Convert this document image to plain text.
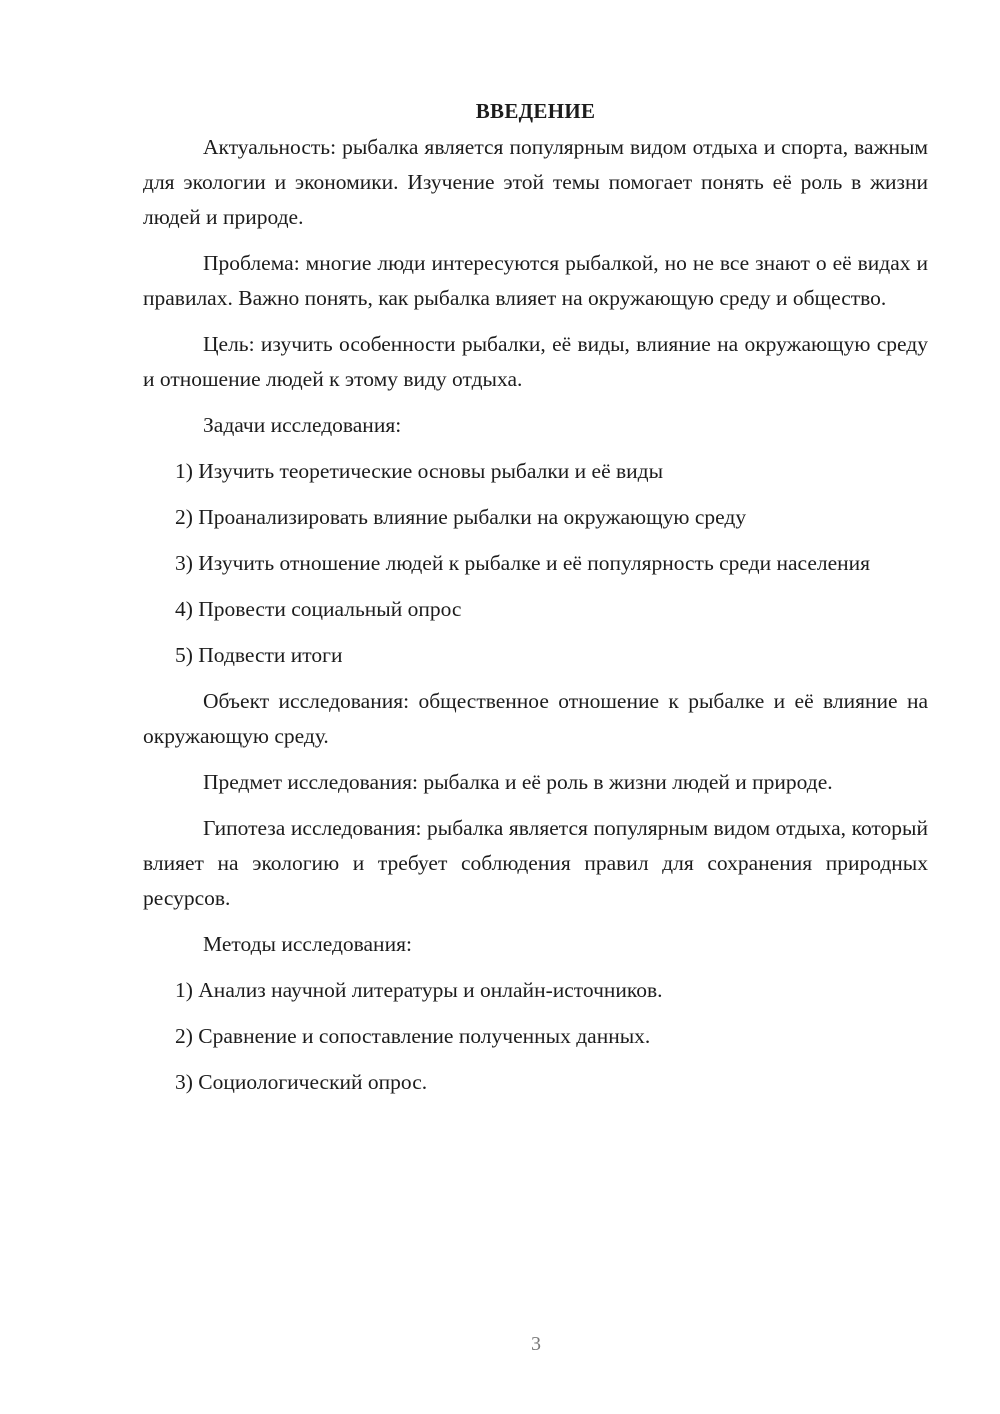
ВВЕДЕНИЕ

Актуальность: рыбалка является популярным видом отдыха и спорта, важным для экологии и экономики. Изучение этой темы помогает понять её роль в жизни людей и природе.

Проблема: многие люди интересуются рыбалкой, но не все знают о её видах и правилах. Важно понять, как рыбалка влияет на окружающую среду и общество.

Цель: изучить особенности рыбалки, её виды, влияние на окружающую среду и отношение людей к этому виду отдыха.

Задачи исследования:

1) Изучить теоретические основы рыбалки и её виды

2) Проанализировать влияние рыбалки на окружающую среду

3) Изучить отношение людей к рыбалке и её популярность среди населения

4) Провести социальный опрос

5) Подвести итоги

Объект исследования: общественное отношение к рыбалке и её влияние на окружающую среду.

Предмет исследования: рыбалка и её роль в жизни людей и природе.

Гипотеза исследования: рыбалка является популярным видом отдыха, который влияет на экологию и требует соблюдения правил для сохранения природных ресурсов.

Методы исследования:

1) Анализ научной литературы и онлайн-источников.

2) Сравнение и сопоставление полученных данных.

3) Социологический опрос.

3
